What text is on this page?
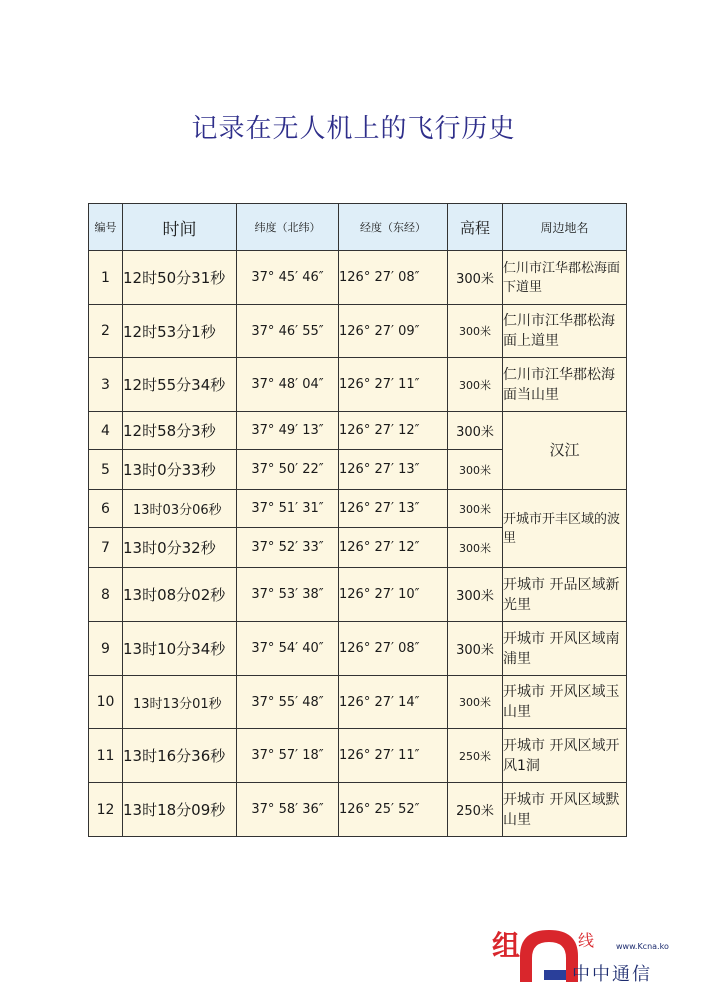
记录在无人机上的飞行历史
编号	时间	纬度（北纬）	经度（东经）	高程	周边地名
1	12时50分31秒	37° 45′ 46″	126° 27′ 08″	300米	仁川市江华郡松海面下道里
2	12时53分1秒	37° 46′ 55″	126° 27′ 09″	300米	仁川市江华郡松海面上道里
3	12时55分34秒	37° 48′ 04″	126° 27′ 11″	300米	仁川市江华郡松海面当山里
4	12时58分3秒	37° 49′ 13″	126° 27′ 12″	300米	汉江
5	13时0分33秒	37° 50′ 22″	126° 27′ 13″	300米	
6	13时03分06秒	37° 51′ 31″	126° 27′ 13″	300米	开城市开丰区域的波里
7	13时0分32秒	37° 52′ 33″	126° 27′ 12″	300米	
8	13时08分02秒	37° 53′ 38″	126° 27′ 10″	300米	开城市 开品区域新光里
9	13时10分34秒	37° 54′ 40″	126° 27′ 08″	300米	开城市 开风区域南浦里
10	13时13分01秒	37° 55′ 48″	126° 27′ 14″	300米	开城市 开风区域玉山里
11	13时16分36秒	37° 57′ 18″	126° 27′ 11″	250米	开城市 开风区域开风1洞
12	13时18分09秒	37° 58′ 36″	126° 25′ 52″	250米	开城市 开风区域默山里
组	线	www.Kcna.ko
中中通信
